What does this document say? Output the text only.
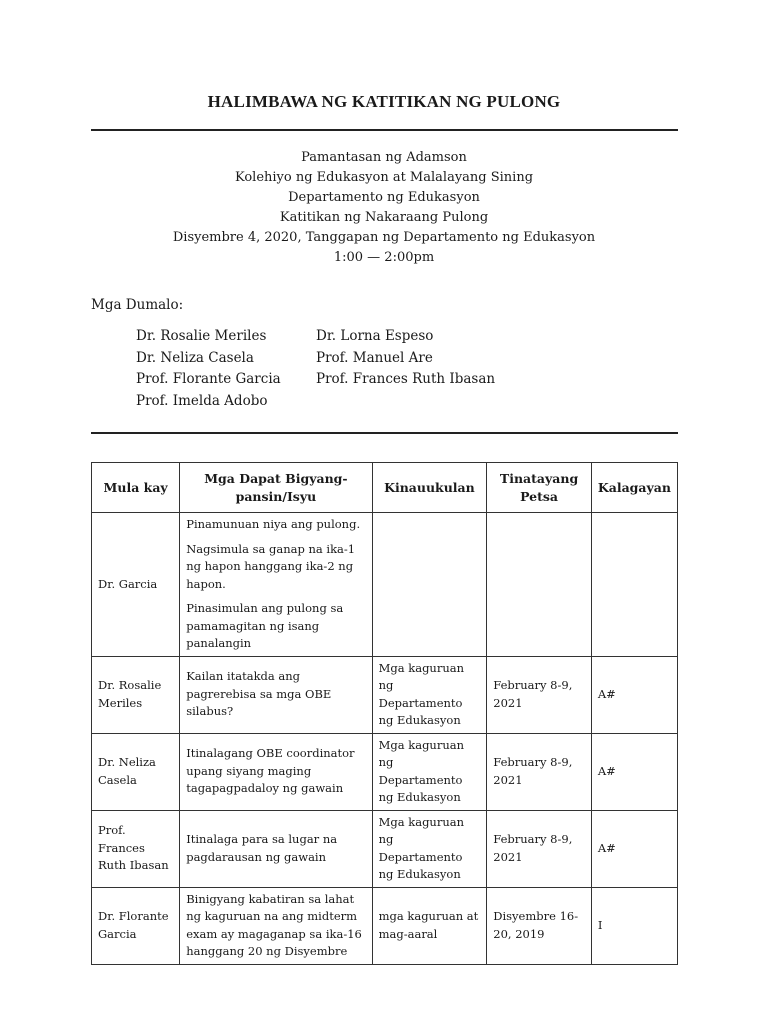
HALIMBAWA NG KATITIKAN NG PULONG
Pamantasan ng Adamson
Kolehiyo ng Edukasyon at Malalayang Sining
Departamento ng Edukasyon
Katitikan ng Nakaraang Pulong
Disyembre 4, 2020, Tanggapan ng Departamento ng Edukasyon
1:00 — 2:00pm
Mga Dumalo:
Dr. Rosalie Meriles	Dr. Lorna Espeso
Dr. Neliza Casela	Prof. Manuel Are
Prof. Florante Garcia	Prof. Frances Ruth Ibasan
Prof. Imelda Adobo
Mula kay	Mga Dapat Bigyang-pansin/Isyu	Kinauukulan	Tinatayang Petsa	Kalagayan
Dr. Garcia	Pinamunuan niya ang pulong.

Nagsimula sa ganap na ika-1 ng hapon hanggang ika-2 ng hapon.

Pinasimulan ang pulong sa pamamagitan ng isang panalangin			

Dr. Rosalie Meriles	Kailan itatakda ang pagrerebisa sa mga OBE silabus?	Mga kaguruan ng Departamento ng Edukasyon	February 8-9, 2021	A#
Dr. Neliza Casela	Itinalagang OBE coordinator upang siyang maging tagapagpadaloy ng gawain	Mga kaguruan ng Departamento ng Edukasyon	February 8-9, 2021	A#
Prof. Frances Ruth Ibasan	Itinalaga para sa lugar na pagdarausan ng gawain	Mga kaguruan ng Departamento ng Edukasyon	February 8-9, 2021	A#
Dr. Florante Garcia	Binigyang kabatiran sa lahat ng kaguruan na ang midterm exam ay magaganap sa ika-16 hanggang 20 ng Disyembre	mga kaguruan at mag-aaral	Disyembre 16-20, 2019	I
